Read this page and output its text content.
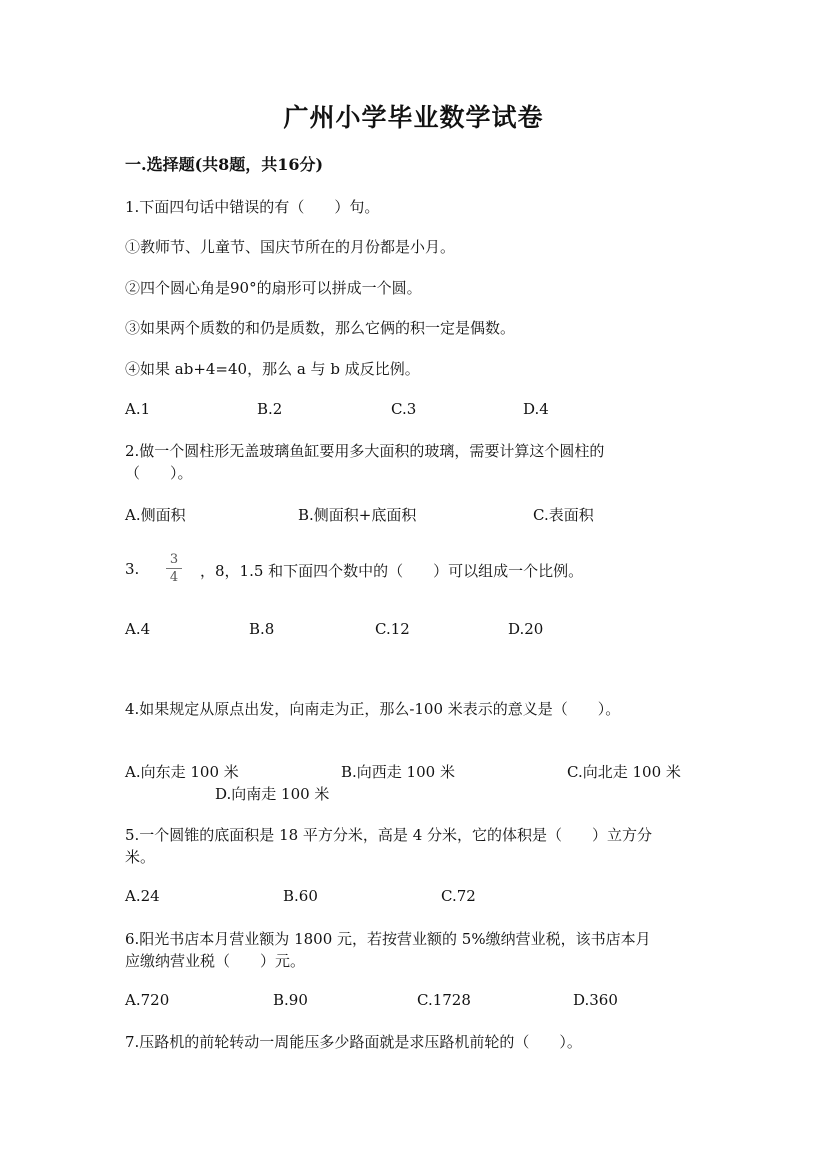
广州小学毕业数学试卷
一.选择题(共8题，共16分)
1.下面四句话中错误的有（　　）句。
①教师节、儿童节、国庆节所在的月份都是小月。
②四个圆心角是90°的扇形可以拼成一个圆。
③如果两个质数的和仍是质数，那么它俩的积一定是偶数。
④如果 ab+4=40，那么 a 与 b 成反比例。
A.1	B.2	C.3	D.4
2.做一个圆柱形无盖玻璃鱼缸要用多大面积的玻璃，需要计算这个圆柱的
（　　）。
A.侧面积	B.侧面积+底面积	C.表面积
3.
3
4	，8，1.5 和下面四个数中的（　　）可以组成一个比例。
A.4	B.8	C.12	D.20
4.如果规定从原点出发，向南走为正，那么-100 米表示的意义是（　　）。
A.向东走 100 米	B.向西走 100 米	C.向北走 100 米
D.向南走 100 米
5.一个圆锥的底面积是 18 平方分米，高是 4 分米，它的体积是（　　）立方分
米。
A.24	B.60	C.72
6.阳光书店本月营业额为 1800 元，若按营业额的 5%缴纳营业税，该书店本月
应缴纳营业税（　　）元。
A.720	B.90	C.1728	D.360
7.压路机的前轮转动一周能压多少路面就是求压路机前轮的（　　）。
